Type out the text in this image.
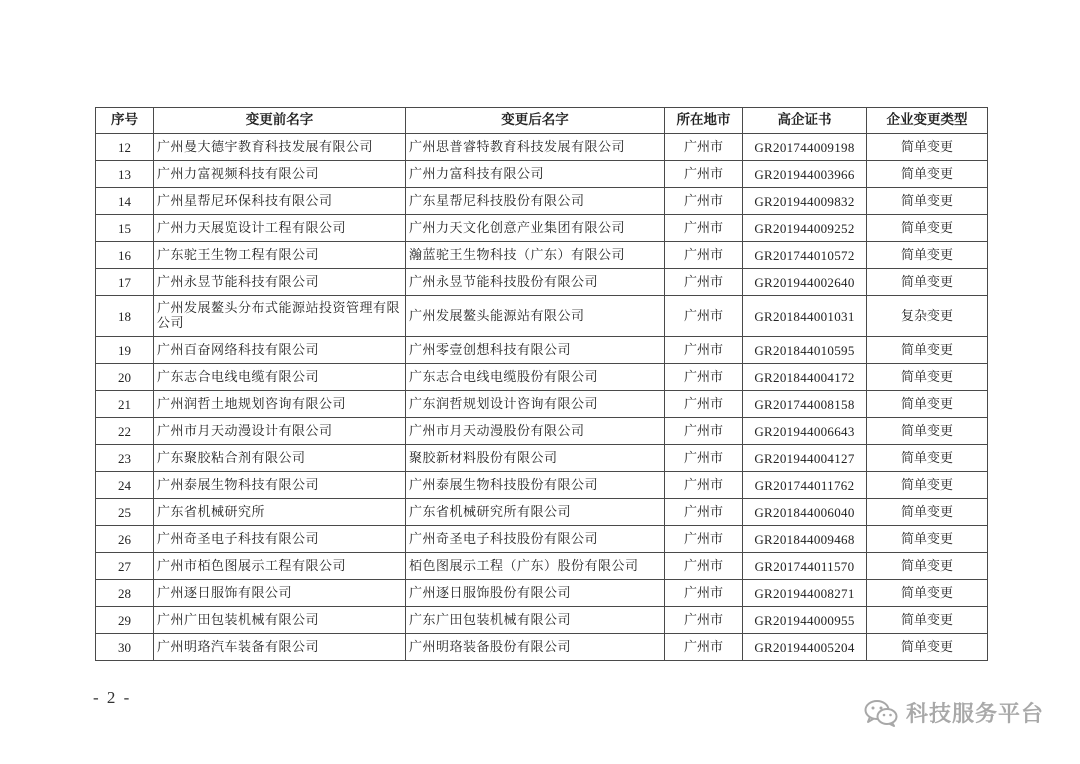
序号	变更前名字	变更后名字	所在地市	高企证书	企业变更类型
12	广州曼大德宇教育科技发展有限公司	广州思普睿特教育科技发展有限公司	广州市	GR201744009198	简单变更
13	广州力富视频科技有限公司	广州力富科技有限公司	广州市	GR201944003966	简单变更
14	广州星帮尼环保科技有限公司	广东星帮尼科技股份有限公司	广州市	GR201944009832	简单变更
15	广州力天展览设计工程有限公司	广州力天文化创意产业集团有限公司	广州市	GR201944009252	简单变更
16	广东驼王生物工程有限公司	瀚蓝驼王生物科技（广东）有限公司	广州市	GR201744010572	简单变更
17	广州永昱节能科技有限公司	广州永昱节能科技股份有限公司	广州市	GR201944002640	简单变更
18	广州发展鳌头分布式能源站投资管理有限公司	广州发展鳌头能源站有限公司	广州市	GR201844001031	复杂变更
19	广州百奋网络科技有限公司	广州零壹创想科技有限公司	广州市	GR201844010595	简单变更
20	广东志合电线电缆有限公司	广东志合电线电缆股份有限公司	广州市	GR201844004172	简单变更
21	广州润哲土地规划咨询有限公司	广东润哲规划设计咨询有限公司	广州市	GR201744008158	简单变更
22	广州市月天动漫设计有限公司	广州市月天动漫股份有限公司	广州市	GR201944006643	简单变更
23	广东聚胶粘合剂有限公司	聚胶新材料股份有限公司	广州市	GR201944004127	简单变更
24	广州泰展生物科技有限公司	广州泰展生物科技股份有限公司	广州市	GR201744011762	简单变更
25	广东省机械研究所	广东省机械研究所有限公司	广州市	GR201844006040	简单变更
26	广州奇圣电子科技有限公司	广州奇圣电子科技股份有限公司	广州市	GR201844009468	简单变更
27	广州市栢色图展示工程有限公司	栢色图展示工程（广东）股份有限公司	广州市	GR201744011570	简单变更
28	广州逐日服饰有限公司	广州逐日服饰股份有限公司	广州市	GR201944008271	简单变更
29	广州广田包装机械有限公司	广东广田包装机械有限公司	广州市	GR201944000955	简单变更
30	广州明珞汽车装备有限公司	广州明珞装备股份有限公司	广州市	GR201944005204	简单变更
- 2 -
科技服务平台
